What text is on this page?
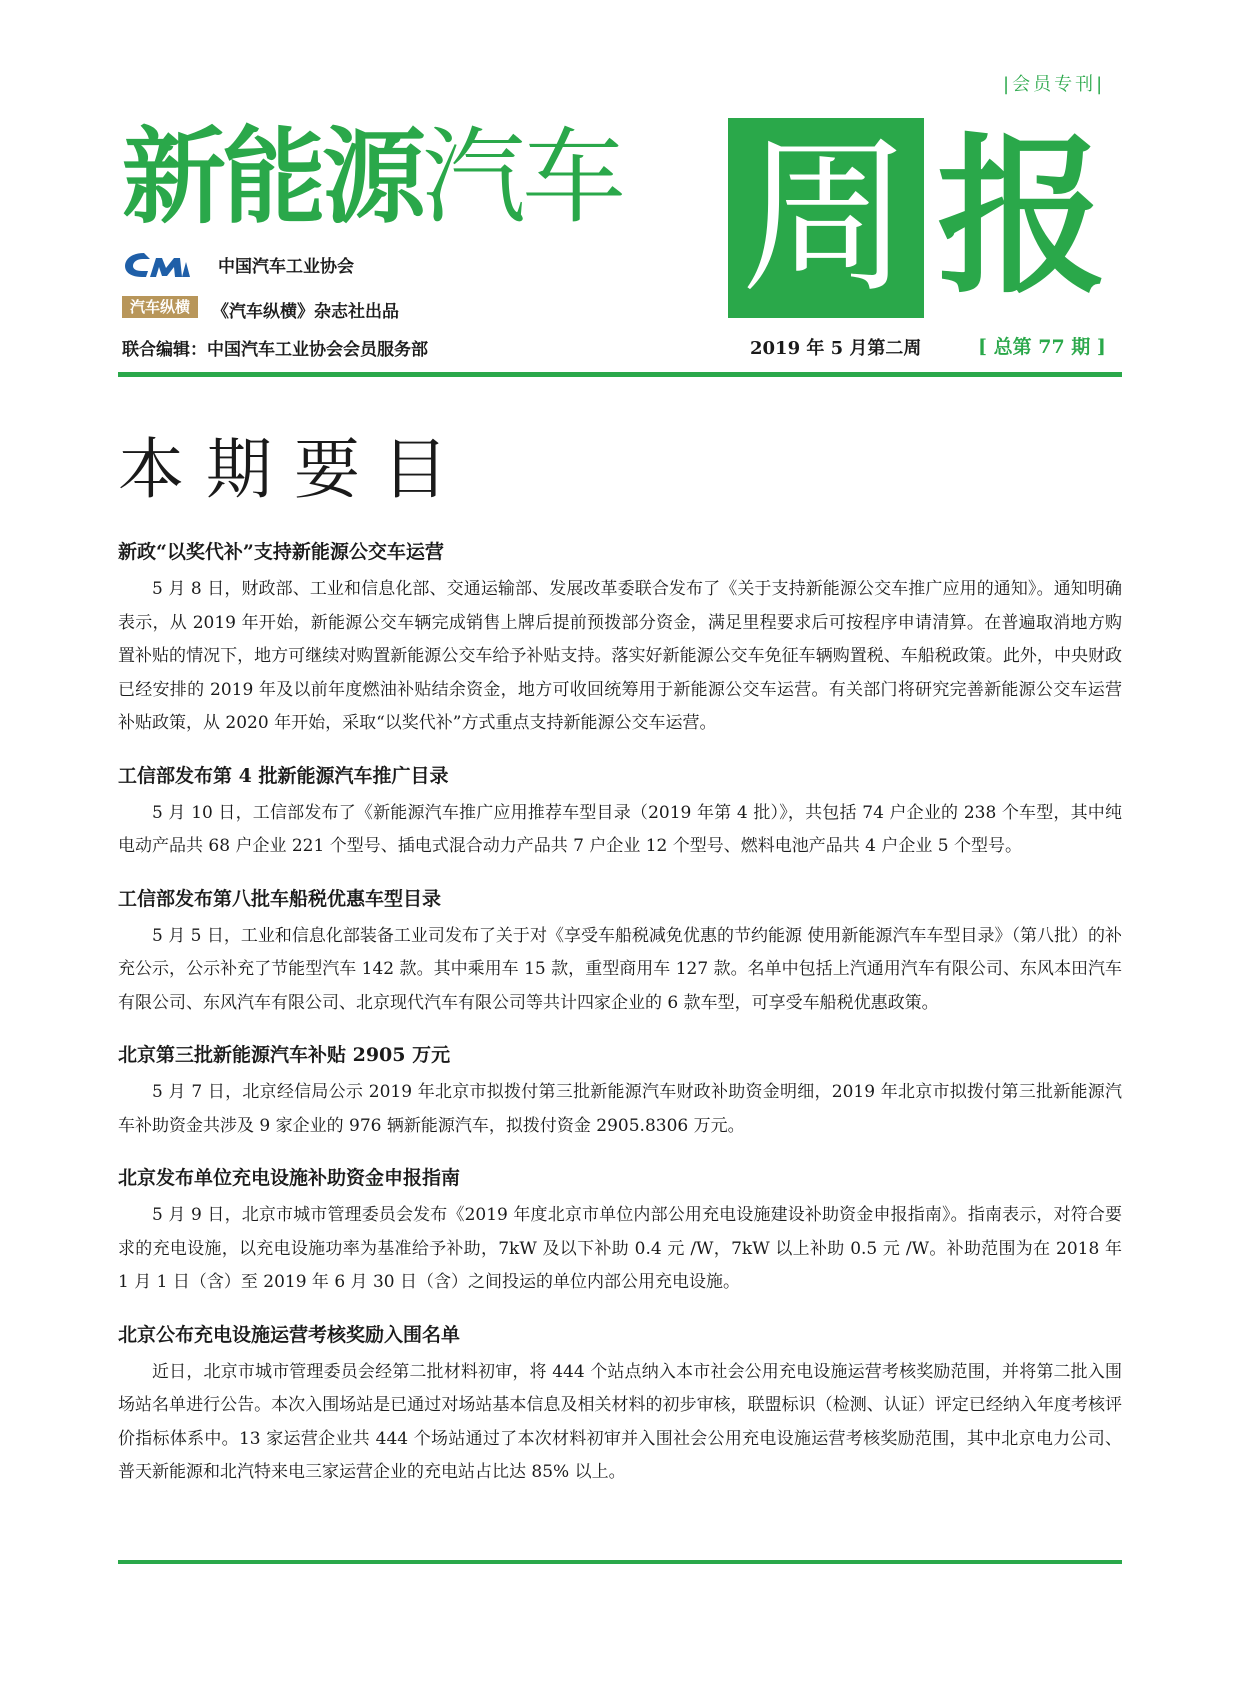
|会员专刊|
新能源汽车 周 报
中国汽车工业协会
汽车纵横	《汽车纵横》杂志社出品
联合编辑：中国汽车工业协会会员服务部	2019 年 5 月第二周	[ 总第 77 期 ]
本期要目
新政“以奖代补”支持新能源公交车运营

5 月 8 日，财政部、工业和信息化部、交通运输部、发展改革委联合发布了《关于支持新能源公交车推广应用的通知》。通知明确表示，从 2019 年开始，新能源公交车辆完成销售上牌后提前预拨部分资金，满足里程要求后可按程序申请清算。在普遍取消地方购置补贴的情况下，地方可继续对购置新能源公交车给予补贴支持。落实好新能源公交车免征车辆购置税、车船税政策。此外，中央财政已经安排的 2019 年及以前年度燃油补贴结余资金，地方可收回统筹用于新能源公交车运营。有关部门将研究完善新能源公交车运营补贴政策，从 2020 年开始，采取“以奖代补”方式重点支持新能源公交车运营。

工信部发布第 4 批新能源汽车推广目录

5 月 10 日，工信部发布了《新能源汽车推广应用推荐车型目录（2019 年第 4 批）》，共包括 74 户企业的 238 个车型，其中纯电动产品共 68 户企业 221 个型号、插电式混合动力产品共 7 户企业 12 个型号、燃料电池产品共 4 户企业 5 个型号。

工信部发布第八批车船税优惠车型目录

5 月 5 日，工业和信息化部装备工业司发布了关于对《享受车船税减免优惠的节约能源 使用新能源汽车车型目录》（第八批）的补充公示，公示补充了节能型汽车 142 款。其中乘用车 15 款，重型商用车 127 款。名单中包括上汽通用汽车有限公司、东风本田汽车有限公司、东风汽车有限公司、北京现代汽车有限公司等共计四家企业的 6 款车型，可享受车船税优惠政策。

北京第三批新能源汽车补贴 2905 万元

5 月 7 日，北京经信局公示 2019 年北京市拟拨付第三批新能源汽车财政补助资金明细，2019 年北京市拟拨付第三批新能源汽车补助资金共涉及 9 家企业的 976 辆新能源汽车，拟拨付资金 2905.8306 万元。

北京发布单位充电设施补助资金申报指南

5 月 9 日，北京市城市管理委员会发布《2019 年度北京市单位内部公用充电设施建设补助资金申报指南》。指南表示，对符合要求的充电设施，以充电设施功率为基准给予补助，7kW 及以下补助 0.4 元 /W，7kW 以上补助 0.5 元 /W。补助范围为在 2018 年 1 月 1 日（含）至 2019 年 6 月 30 日（含）之间投运的单位内部公用充电设施。

北京公布充电设施运营考核奖励入围名单

近日，北京市城市管理委员会经第二批材料初审，将 444 个站点纳入本市社会公用充电设施运营考核奖励范围，并将第二批入围场站名单进行公告。本次入围场站是已通过对场站基本信息及相关材料的初步审核，联盟标识（检测、认证）评定已经纳入年度考核评价指标体系中。13 家运营企业共 444 个场站通过了本次材料初审并入围社会公用充电设施运营考核奖励范围，其中北京电力公司、普天新能源和北汽特来电三家运营企业的充电站占比达 85% 以上。
